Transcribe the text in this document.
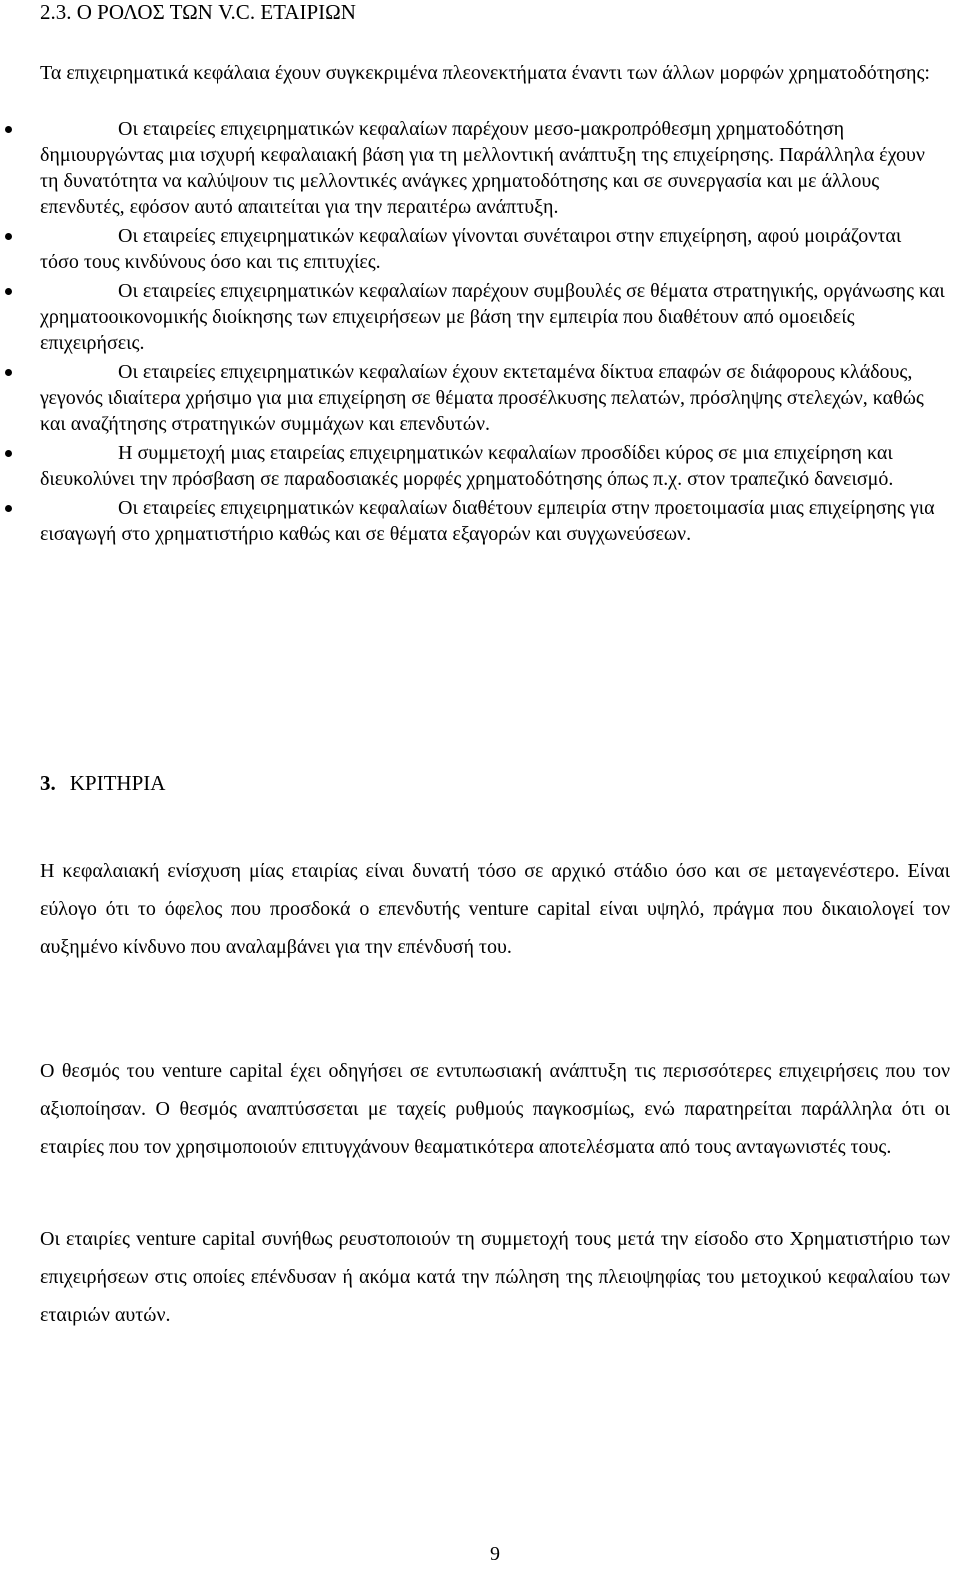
2.3. Ο ΡΟΛΟΣ ΤΩΝ V.C. ΕΤΑΙΡΙΩΝ

Τα επιχειρηματικά κεφάλαια έχουν συγκεκριμένα πλεονεκτήματα έναντι των άλλων μορφών χρηματοδότησης:

Οι εταιρείες επιχειρηματικών κεφαλαίων παρέχουν μεσο-μακροπρόθεσμη χρηματοδότηση δημιουργώντας μια ισχυρή κεφαλαιακή βάση για τη μελλοντική ανάπτυξη της επιχείρησης. Παράλληλα έχουν τη δυνατότητα να καλύψουν τις μελλοντικές ανάγκες χρηματοδότησης και σε συνεργασία και με άλλους επενδυτές, εφόσον αυτό απαιτείται για την περαιτέρω ανάπτυξη.
Οι εταιρείες επιχειρηματικών κεφαλαίων γίνονται συνέταιροι στην επιχείρηση, αφού μοιράζονται τόσο τους κινδύνους όσο και τις επιτυχίες.
Οι εταιρείες επιχειρηματικών κεφαλαίων παρέχουν συμβουλές σε θέματα στρατηγικής, οργάνωσης και χρηματοοικονομικής διοίκησης των επιχειρήσεων με βάση την εμπειρία που διαθέτουν από ομοειδείς επιχειρήσεις.
Οι εταιρείες επιχειρηματικών κεφαλαίων έχουν εκτεταμένα δίκτυα επαφών σε διάφορους κλάδους, γεγονός ιδιαίτερα χρήσιμο για μια επιχείρηση σε θέματα προσέλκυσης πελατών, πρόσληψης στελεχών, καθώς και αναζήτησης στρατηγικών συμμάχων και επενδυτών.
Η συμμετοχή μιας εταιρείας επιχειρηματικών κεφαλαίων προσδίδει κύρος σε μια επιχείρηση και διευκολύνει την πρόσβαση σε παραδοσιακές μορφές χρηματοδότησης όπως π.χ. στον τραπεζικό δανεισμό.
Οι εταιρείες επιχειρηματικών κεφαλαίων διαθέτουν εμπειρία στην προετοιμασία μιας επιχείρησης για εισαγωγή στο χρηματιστήριο καθώς και σε θέματα εξαγορών και συγχωνεύσεων.
3. ΚΡΙΤΗΡΙΑ

Η κεφαλαιακή ενίσχυση μίας εταιρίας είναι δυνατή τόσο σε αρχικό στάδιο όσο και σε μεταγενέστερο. Είναι εύλογο ότι το όφελος που προσδοκά ο επενδυτής venture capital είναι υψηλό, πράγμα που δικαιολογεί τον αυξημένο κίνδυνο που αναλαμβάνει για την επένδυσή του.

Ο θεσμός του venture capital έχει οδηγήσει σε εντυπωσιακή ανάπτυξη τις περισσότερες επιχειρήσεις που τον αξιοποίησαν. Ο θεσμός αναπτύσσεται με ταχείς ρυθμούς παγκοσμίως, ενώ παρατηρείται παράλληλα ότι οι εταιρίες που τον χρησιμοποιούν επιτυγχάνουν θεαματικότερα αποτελέσματα από τους ανταγωνιστές τους.

Οι εταιρίες venture capital συνήθως ρευστοποιούν τη συμμετοχή τους μετά την είσοδο στο Χρηματιστήριο των επιχειρήσεων στις οποίες επένδυσαν ή ακόμα κατά την πώληση της πλειοψηφίας του μετοχικού κεφαλαίου των εταιριών αυτών.

9
